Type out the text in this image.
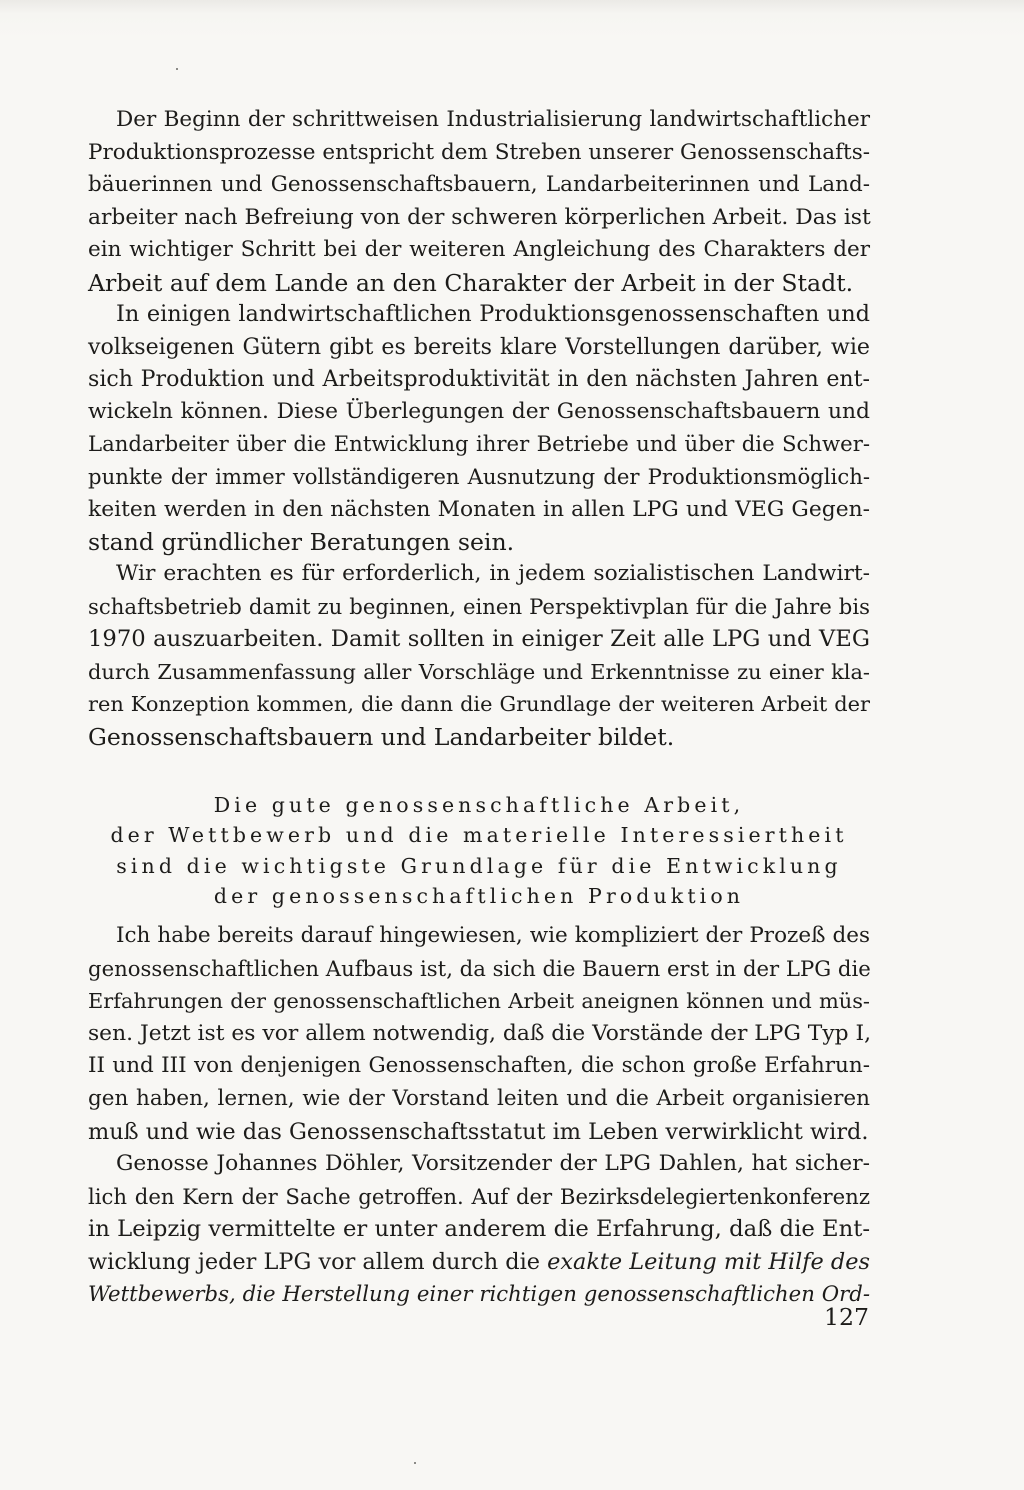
Der Beginn der schrittweisen Industrialisierung landwirtschaftlicher
Produktionsprozesse entspricht dem Streben unserer Genossenschafts-
bäuerinnen und Genossenschaftsbauern, Landarbeiterinnen und Land-
arbeiter nach Befreiung von der schweren körperlichen Arbeit. Das ist
ein wichtiger Schritt bei der weiteren Angleichung des Charakters der
Arbeit auf dem Lande an den Charakter der Arbeit in der Stadt.
In einigen landwirtschaftlichen Produktionsgenossenschaften und
volkseigenen Gütern gibt es bereits klare Vorstellungen darüber, wie
sich Produktion und Arbeitsproduktivität in den nächsten Jahren ent-
wickeln können. Diese Überlegungen der Genossenschaftsbauern und
Landarbeiter über die Entwicklung ihrer Betriebe und über die Schwer-
punkte der immer vollständigeren Ausnutzung der Produktionsmöglich-
keiten werden in den nächsten Monaten in allen LPG und VEG Gegen-
stand gründlicher Beratungen sein.
Wir erachten es für erforderlich, in jedem sozialistischen Landwirt-
schaftsbetrieb damit zu beginnen, einen Perspektivplan für die Jahre bis
1970 auszuarbeiten. Damit sollten in einiger Zeit alle LPG und VEG
durch Zusammenfassung aller Vorschläge und Erkenntnisse zu einer kla-
ren Konzeption kommen, die dann die Grundlage der weiteren Arbeit der
Genossenschaftsbauern und Landarbeiter bildet.
Die gute genossenschaftliche Arbeit,
der Wettbewerb und die materielle Interessiertheit
sind die wichtigste Grundlage für die Entwicklung
der genossenschaftlichen Produktion
Ich habe bereits darauf hingewiesen, wie kompliziert der Prozeß des
genossenschaftlichen Aufbaus ist, da sich die Bauern erst in der LPG die
Erfahrungen der genossenschaftlichen Arbeit aneignen können und müs-
sen. Jetzt ist es vor allem notwendig, daß die Vorstände der LPG Typ I,
II und III von denjenigen Genossenschaften, die schon große Erfahrun-
gen haben, lernen, wie der Vorstand leiten und die Arbeit organisieren
muß und wie das Genossenschaftsstatut im Leben verwirklicht wird.
Genosse Johannes Döhler, Vorsitzender der LPG Dahlen, hat sicher-
lich den Kern der Sache getroffen. Auf der Bezirksdelegiertenkonferenz
in Leipzig vermittelte er unter anderem die Erfahrung, daß die Ent-
wicklung jeder LPG vor allem durch die exakte Leitung mit Hilfe des
Wettbewerbs, die Herstellung einer richtigen genossenschaftlichen Ord-
127
